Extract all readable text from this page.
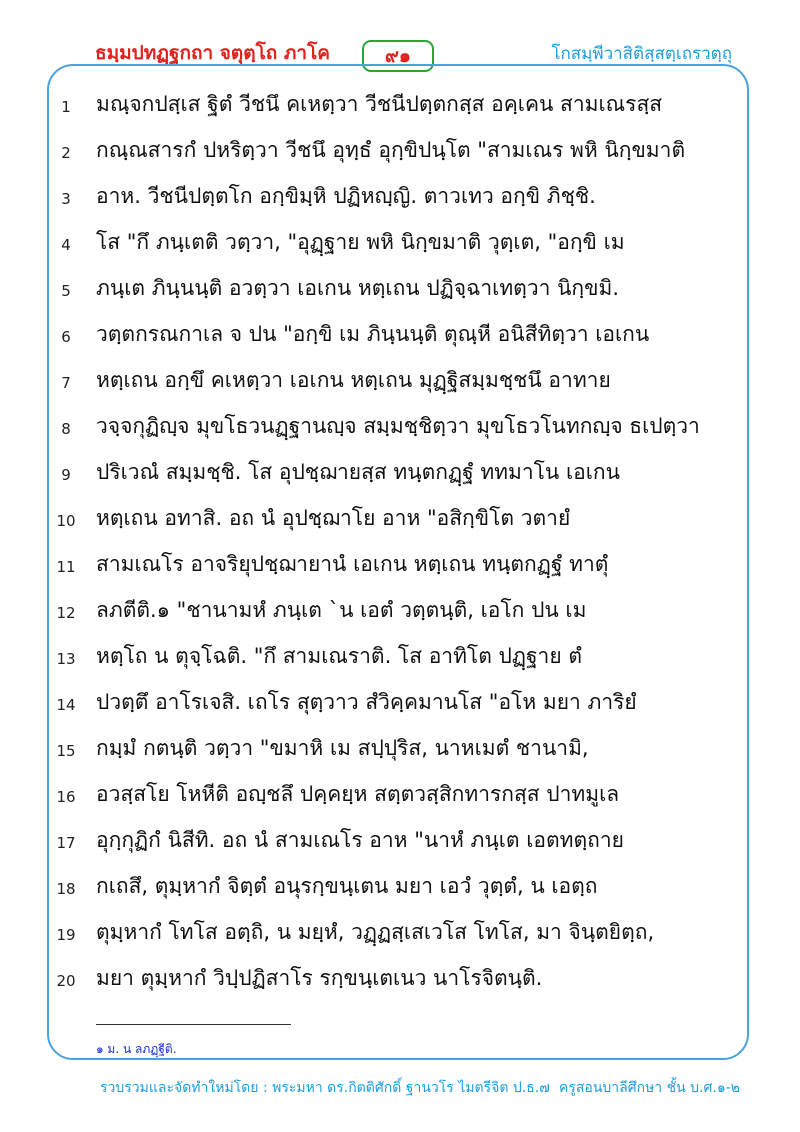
ธมฺมปทฏฺฐกถา จตุตฺโถ ภาโค	๙๑	โกสมฺพีวาสิติสฺสตฺเถรวตฺถุ
1	มณฺจกปสฺเส ฐิตํ วีชนึ คเหตฺวา วีชนีปตฺตกสฺส อคฺเคน สามเณรสฺส
2	กณฺณสารกํ ปหริตฺวา วีชนึ อุทฺธํ อุกฺขิปนฺโต "สามเณร พหิ นิกฺขมาติ
3	อาห. วีชนีปตฺตโก อกฺขิมฺหิ ปฏิหญฺญิ. ตาวเทว อกฺขิ ภิชฺชิ.
4	โส "กึ ภนฺเตติ วตฺวา, "อุฏฺฐาย พหิ นิกฺขมาติ วุตฺเต, "อกฺขิ เม
5	ภนฺเต ภินฺนนฺติ อวตฺวา เอเกน หตฺเถน ปฏิจฺฉาเทตฺวา นิกฺขมิ.
6	วตฺตกรณกาเล จ ปน "อกฺขิ เม ภินฺนนฺติ ตุณฺหี อนิสีทิตฺวา เอเกน
7	หตฺเถน อกฺขึ คเหตฺวา เอเกน หตฺเถน มุฏฺฐิสมฺมชฺชนึ อาทาย
8	วจฺจกุฏิญฺจ มุขโธวนฏฺฐานญฺจ สมฺมชฺชิตฺวา มุขโธวโนทกญฺจ ธเปตฺวา
9	ปริเวณํ สมฺมชฺชิ. โส อุปชฺฌายสฺส ทนฺตกฏฺฐํ ททมาโน เอเกน
10 หตฺเถน อทาสิ. อถ นํ อุปชฺฌาโย อาห "อสิกฺขิโต วตายํ
11 สามเณโร อาจริยุปชฺฌายานํ เอเกน หตฺเถน ทนฺตกฏฺฐํ ทาตุํ
12 ลภตีติ.๑ "ชานามหํ ภนฺเต `น เอตํ วตฺตนฺติ, เอโก ปน เม
13 หตฺโถ น ตุจฺโฉติ. "กึ สามเณราติ. โส อาทิโต ปฏฺฐาย ตํ
14 ปวตฺตึ อาโรเจสิ. เถโร สุตฺวาว สํวิคฺคมานโส "อโห มยา ภาริยํ
15 กมฺมํ กตนฺติ วตฺวา "ขมาหิ เม สปฺปุริส, นาหเมตํ ชานามิ,
16 อวสฺสโย โหหีติ อญฺชลึ ปคฺคยฺห สตฺตวสฺสิกทารกสฺส ปาทมูเล
17 อุกฺกุฏิกํ นิสีทิ. อถ นํ สามเณโร อาห "นาหํ ภนฺเต เอตทตฺถาย
18 กเถสึ, ตุมฺหากํ จิตฺตํ อนุรกฺขนฺเตน มยา เอวํ วุตฺตํ, น เอตฺถ
19 ตุมฺหากํ โทโส อตฺถิ, น มยฺหํ, วฏฺฏสฺเสเวโส โทโส, มา จินฺตยิตฺถ,
20 มยา ตุมฺหากํ วิปฺปฏิสาโร รกฺขนฺเตเนว นาโรจิตนฺติ.
๑ ม. น ลภฏฺฐีติ.
รวบรวมและจัดทำใหม่โดย : พระมหา ดร.กิตติศักดิ์ ฐานวโร ไมตรีจิต ป.ธ.๗ ครูสอนบาลีศึกษา ชั้น บ.ศ.๑-๒
